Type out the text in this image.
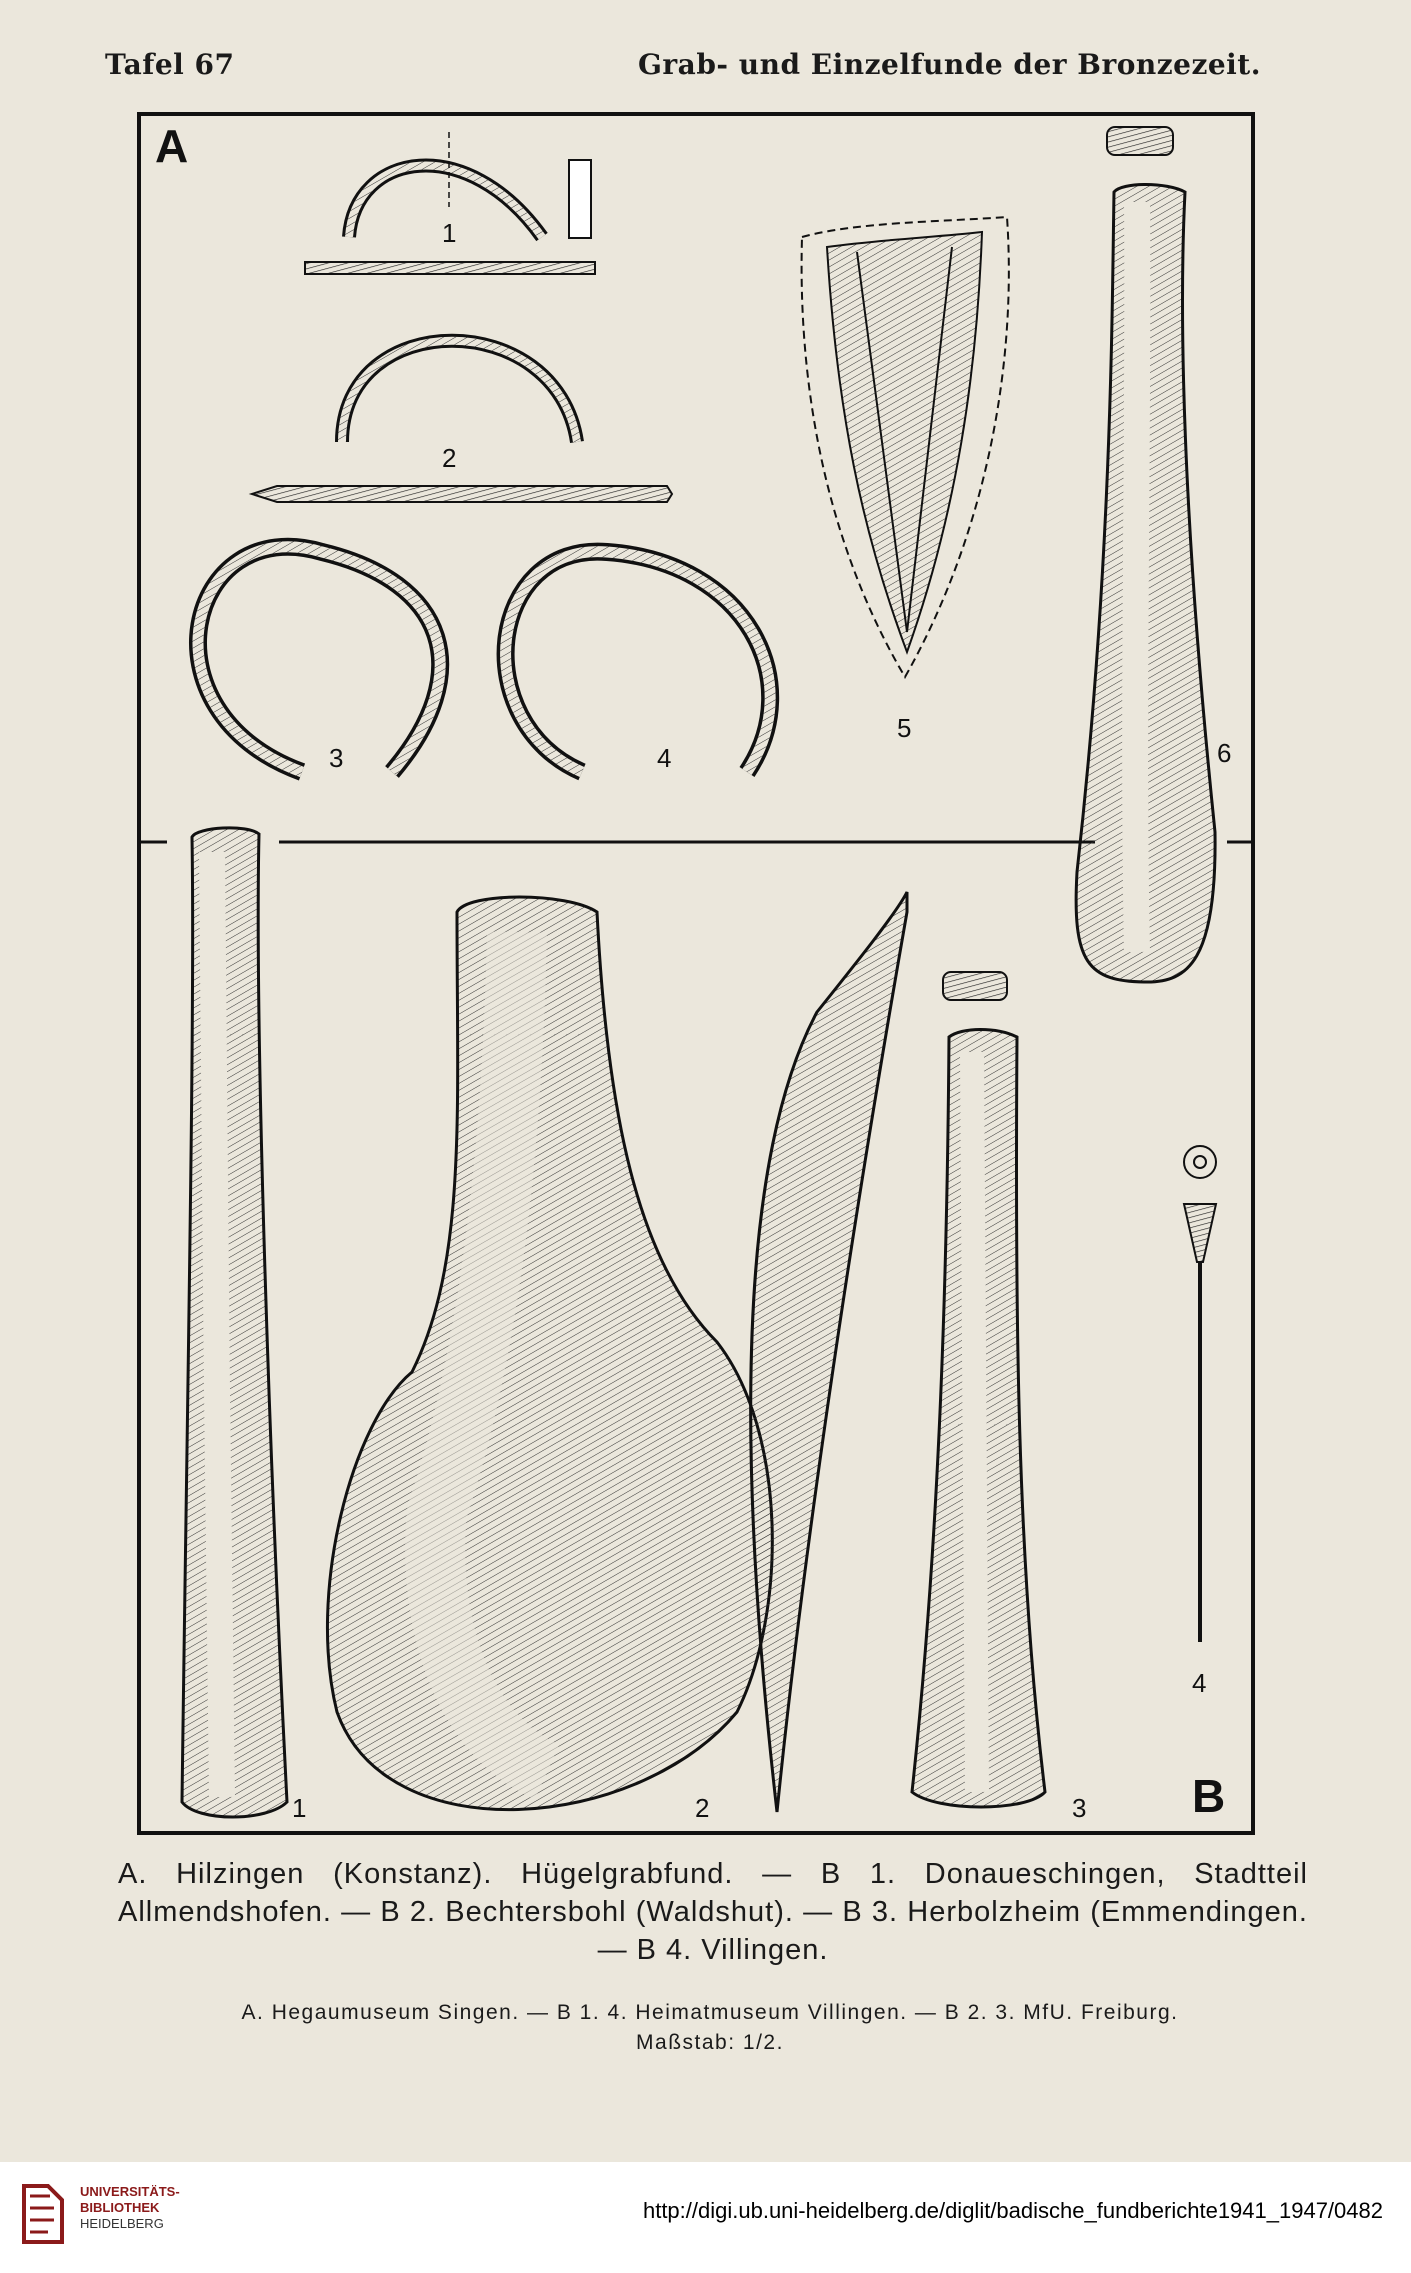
Tafel 67	Grab- und Einzelfunde der Bronzezeit.
A
B
1
2
3	4
5
6
1	2	3
4
A. Hilzingen (Konstanz). Hügelgrabfund. — B 1. Donaueschingen, Stadtteil Allmendshofen. — B 2. Bechtersbohl (Waldshut). — B 3. Herbolzheim (Emmendingen. — B 4. Villingen.
A. Hegaumuseum Singen. — B 1. 4. Heimatmuseum Villingen. — B 2. 3. MfU. Freiburg.
Maßstab: 1/2.
UNIVERSITÄTS-
BIBLIOTHEK
HEIDELBERG
http://digi.ub.uni-heidelberg.de/diglit/badische_fundberichte1941_1947/0482
